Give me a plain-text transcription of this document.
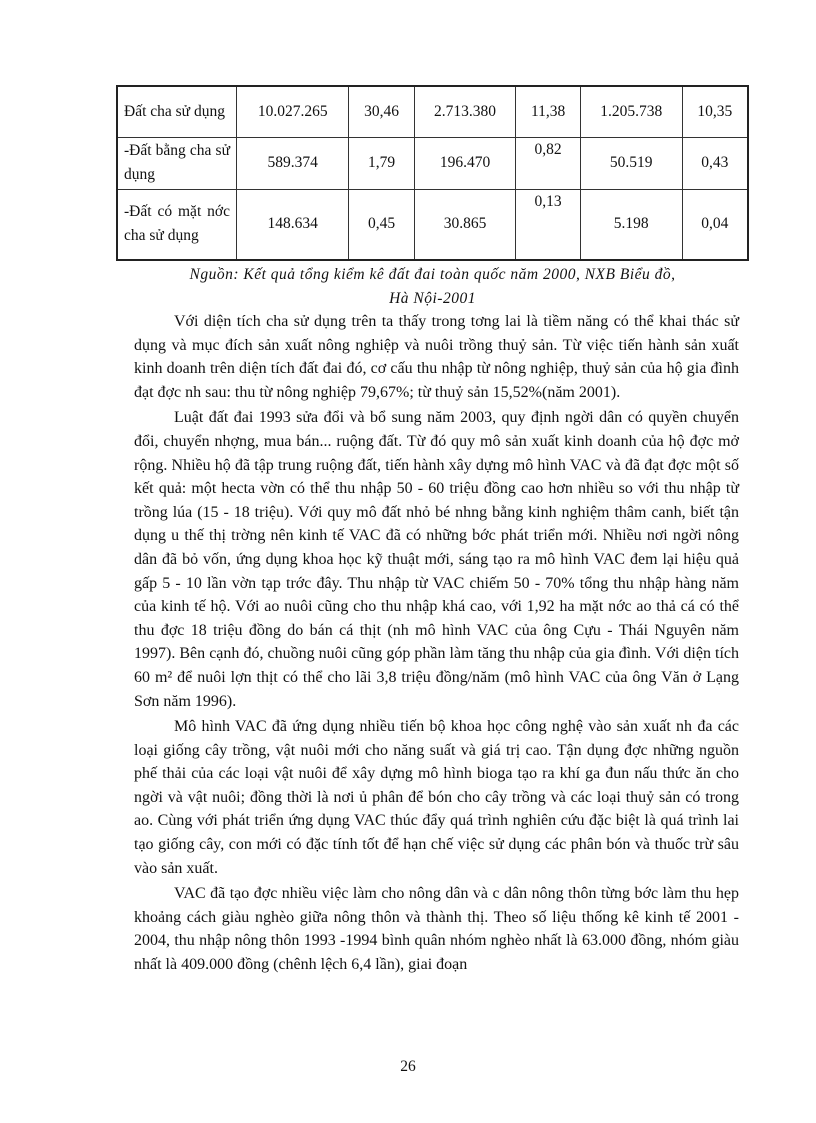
Đất cha sử dụng	10.027.265	30,46	2.713.380	11,38	1.205.738	10,35
-Đất bằng cha sử dụng	589.374	1,79	196.470	0,82	50.519	0,43
-Đất có mặt nớc cha sử dụng	148.634	0,45	30.865	0,13	5.198	0,04
Nguồn: Kết quả tổng kiểm kê đất đai toàn quốc năm 2000, NXB Biểu đồ,
Hà Nội-2001

Với diện tích cha sử dụng trên ta thấy trong tơng lai là tiềm năng có thể khai thác sử dụng và mục đích sản xuất nông nghiệp và nuôi trồng thuỷ sản. Từ việc tiến hành sản xuất kinh doanh trên diện tích đất đai đó, cơ cấu thu nhập từ nông nghiệp, thuỷ sản của hộ gia đình đạt đợc nh sau: thu từ nông nghiệp 79,67%; từ thuỷ sản 15,52%(năm 2001).

Luật đất đai 1993 sửa đổi và bổ sung năm 2003, quy định ngời dân có quyền chuyển đổi, chuyển nhợng, mua bán... ruộng đất. Từ đó quy mô sản xuất kinh doanh của hộ đợc mở rộng. Nhiều hộ đã tập trung ruộng đất, tiến hành xây dựng mô hình VAC và đã đạt đợc một số kết quả: một hecta vờn có thể thu nhập 50 - 60 triệu đồng cao hơn nhiều so với thu nhập từ trồng lúa (15 - 18 triệu). Với quy mô đất nhỏ bé nhng bằng kinh nghiệm thâm canh, biết tận dụng u thế thị trờng nên kinh tế VAC đã có những bớc phát triển mới. Nhiều nơi ngời nông dân đã bỏ vốn, ứng dụng khoa học kỹ thuật mới, sáng tạo ra mô hình VAC đem lại hiệu quả gấp 5 - 10 lần vờn tạp trớc đây. Thu nhập từ VAC chiếm 50 - 70% tổng thu nhập hàng năm của kinh tế hộ. Với ao nuôi cũng cho thu nhập khá cao, với 1,92 ha mặt nớc ao thả cá có thể thu đợc 18 triệu đồng do bán cá thịt (nh mô hình VAC của ông Cựu - Thái Nguyên năm 1997). Bên cạnh đó, chuồng nuôi cũng góp phần làm tăng thu nhập của gia đình. Với diện tích 60 m² để nuôi lợn thịt có thể cho lãi 3,8 triệu đồng/năm (mô hình VAC của ông Văn ở Lạng Sơn năm 1996).

Mô hình VAC đã ứng dụng nhiều tiến bộ khoa học công nghệ vào sản xuất nh đa các loại giống cây trồng, vật nuôi mới cho năng suất và giá trị cao. Tận dụng đợc những nguồn phế thải của các loại vật nuôi để xây dựng mô hình bioga tạo ra khí ga đun nấu thức ăn cho ngời và vật nuôi; đồng thời là nơi ủ phân để bón cho cây trồng và các loại thuỷ sản có trong ao. Cùng với phát triển ứng dụng VAC thúc đẩy quá trình nghiên cứu đặc biệt là quá trình lai tạo giống cây, con mới có đặc tính tốt để hạn chế việc sử dụng các phân bón và thuốc trừ sâu vào sản xuất.

VAC đã tạo đợc nhiều việc làm cho nông dân và c dân nông thôn từng bớc làm thu hẹp khoảng cách giàu nghèo giữa nông thôn và thành thị. Theo số liệu thống kê kinh tế 2001 - 2004, thu nhập nông thôn 1993 -1994 bình quân nhóm nghèo nhất là 63.000 đồng, nhóm giàu nhất là 409.000 đồng (chênh lệch 6,4 lần), giai đoạn

26
